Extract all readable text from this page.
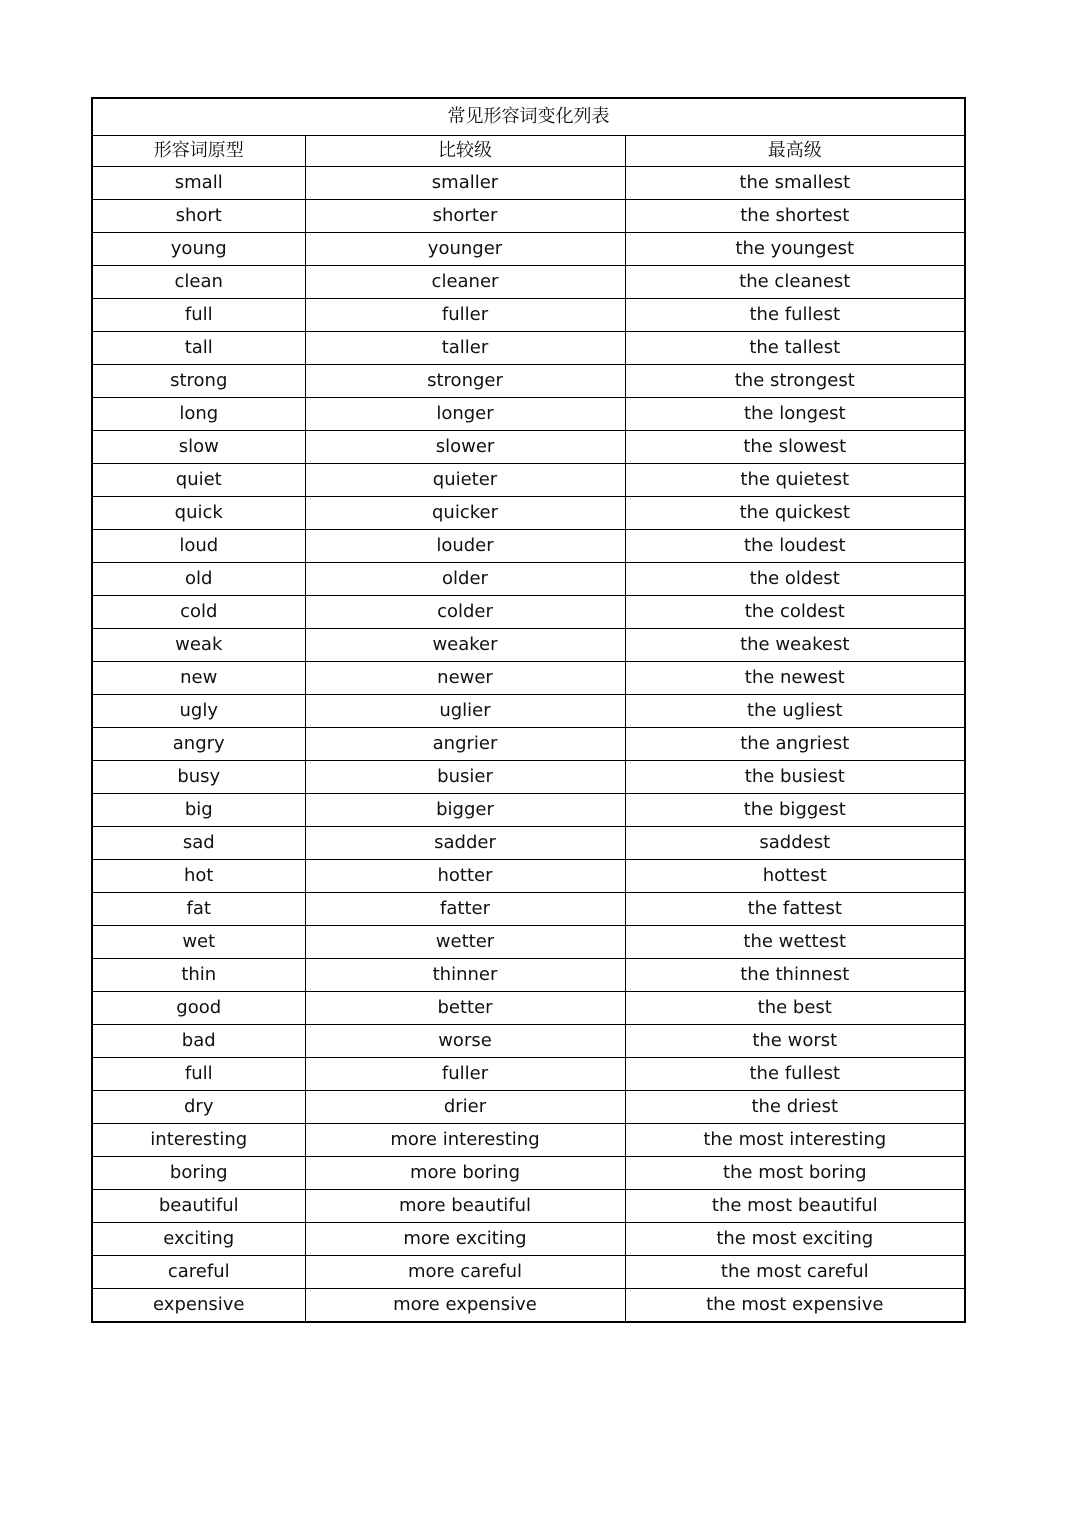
常见形容词变化列表		
形容词原型	比较级	最高级
small	smaller	the smallest
short	shorter	the shortest
young	younger	the youngest
clean	cleaner	the cleanest
full	fuller	the fullest
tall	taller	the tallest
strong	stronger	the strongest
long	longer	the longest
slow	slower	the slowest
quiet	quieter	the quietest
quick	quicker	the quickest
loud	louder	the loudest
old	older	the oldest
cold	colder	the coldest
weak	weaker	the weakest
new	newer	the newest
ugly	uglier	the ugliest
angry	angrier	the angriest
busy	busier	the busiest
big	bigger	the biggest
sad	sadder	saddest
hot	hotter	hottest
fat	fatter	the fattest
wet	wetter	the wettest
thin	thinner	the thinnest
good	better	the best
bad	worse	the worst
full	fuller	the fullest
dry	drier	the driest
interesting	more interesting	the most interesting
boring	more boring	the most boring
beautiful	more beautiful	the most beautiful
exciting	more exciting	the most exciting
careful	more careful	the most careful
expensive	more expensive	the most expensive
